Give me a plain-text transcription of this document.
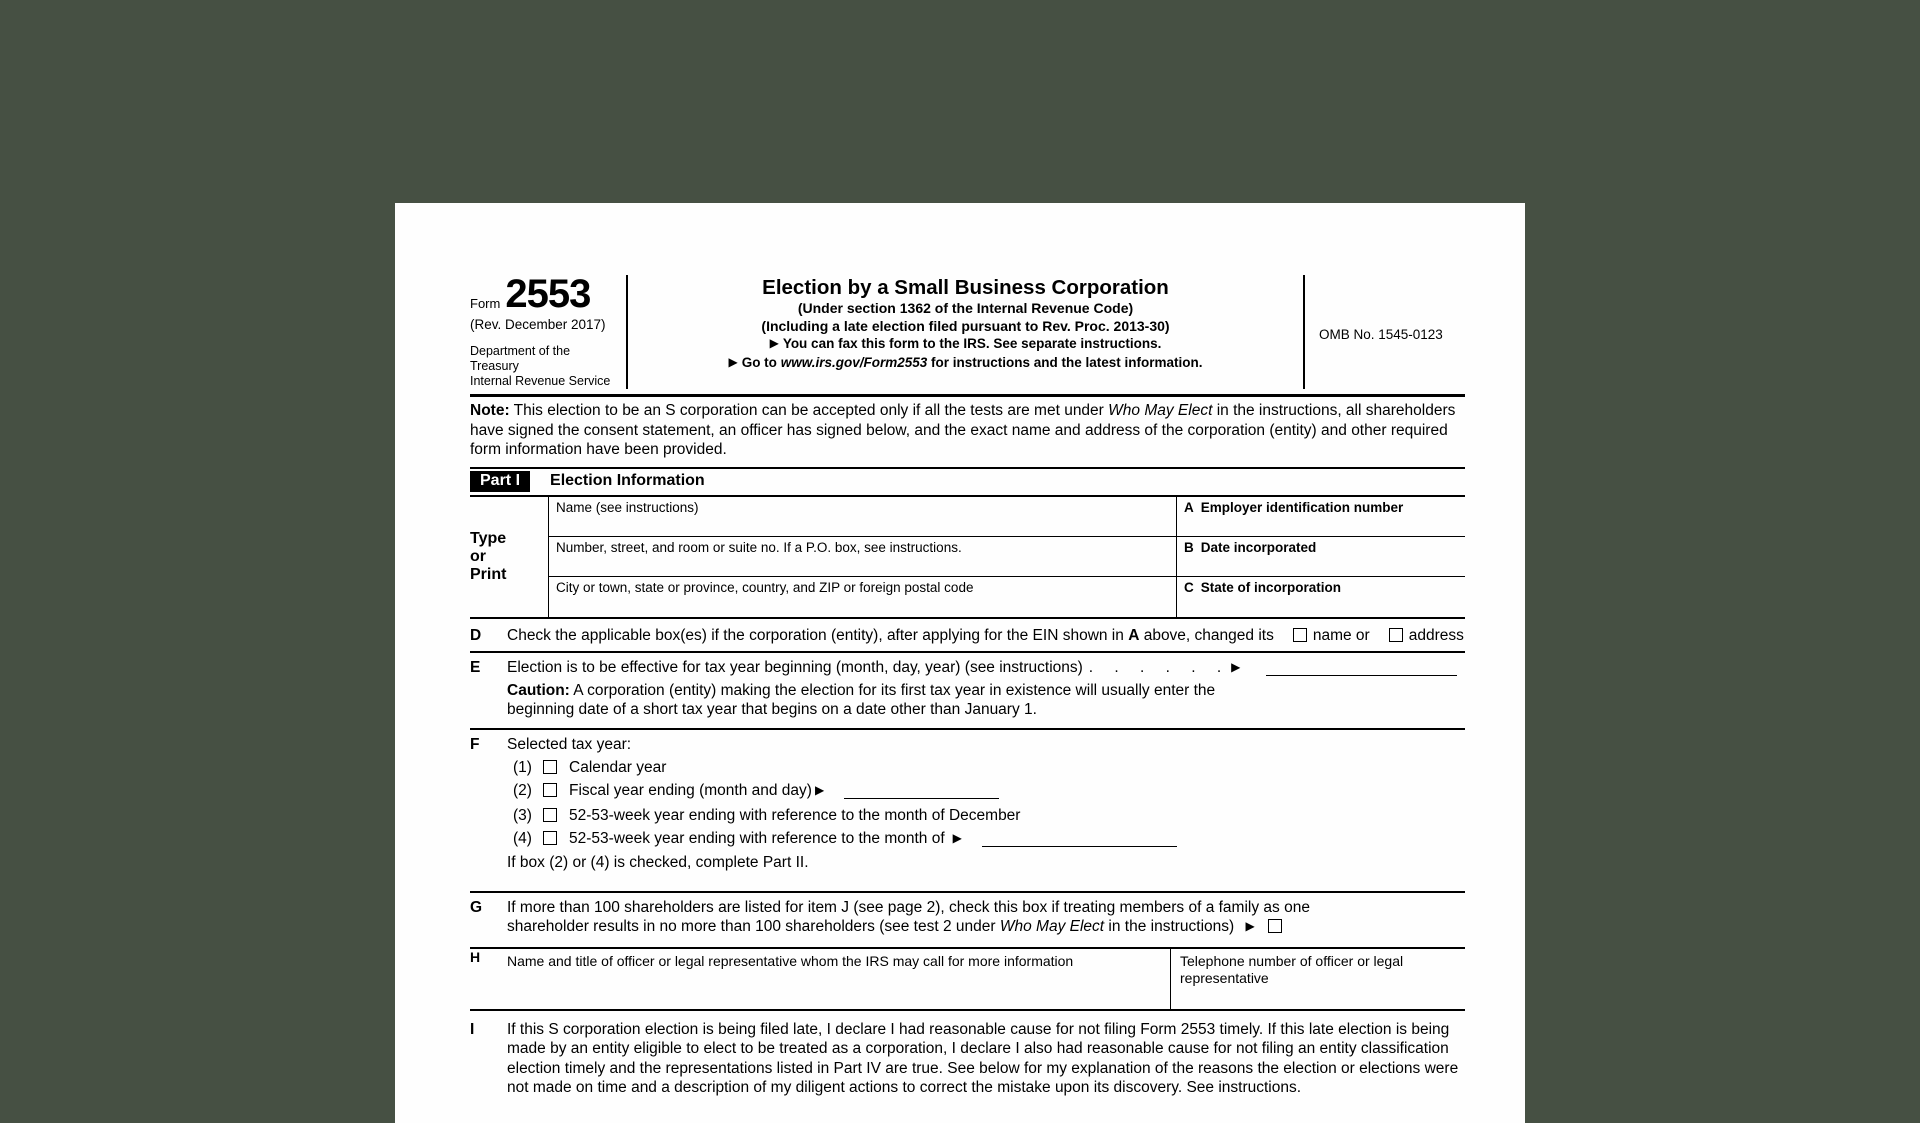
Form 2553
(Rev. December 2017)
Department of the Treasury
Internal Revenue Service
Election by a Small Business Corporation
(Under section 1362 of the Internal Revenue Code)
(Including a late election filed pursuant to Rev. Proc. 2013-30)
▶ You can fax this form to the IRS. See separate instructions.
▶ Go to www.irs.gov/Form2553 for instructions and the latest information.
OMB No. 1545-0123
Note: This election to be an S corporation can be accepted only if all the tests are met under Who May Elect in the instructions, all shareholders have signed the consent statement, an officer has signed below, and the exact name and address of the corporation (entity) and other required form information have been provided.
Part I Election Information
Type
or
Print
Name (see instructions)	A Employer identification number
Number, street, and room or suite no. If a P.O. box, see instructions.	B Date incorporated
City or town, state or province, country, and ZIP or foreign postal code	C State of incorporation
D	Check the applicable box(es) if the corporation (entity), after applying for the EIN shown in A above, changed its	name or	address
E	Election is to be effective for tax year beginning (month, day, year) (see instructions) . . . . . . ▶
Caution: A corporation (entity) making the election for its first tax year in existence will usually enter the
beginning date of a short tax year that begins on a date other than January 1.
F	Selected tax year:
(1) Calendar year
(2) Fiscal year ending (month and day) ▶
(3) 52-53-week year ending with reference to the month of December
(4) 52-53-week year ending with reference to the month of ▶
If box (2) or (4) is checked, complete Part II.
G	If more than 100 shareholders are listed for item J (see page 2), check this box if treating members of a family as one
shareholder results in no more than 100 shareholders (see test 2 under Who May Elect in the instructions) ▶
H	Name and title of officer or legal representative whom the IRS may call for more information	Telephone number of officer or legal representative
I	If this S corporation election is being filed late, I declare I had reasonable cause for not filing Form 2553 timely. If this late election is being made by an entity eligible to elect to be treated as a corporation, I declare I also had reasonable cause for not filing an entity classification election timely and the representations listed in Part IV are true. See below for my explanation of the reasons the election or elections were not made on time and a description of my diligent actions to correct the mistake upon its discovery. See instructions.
